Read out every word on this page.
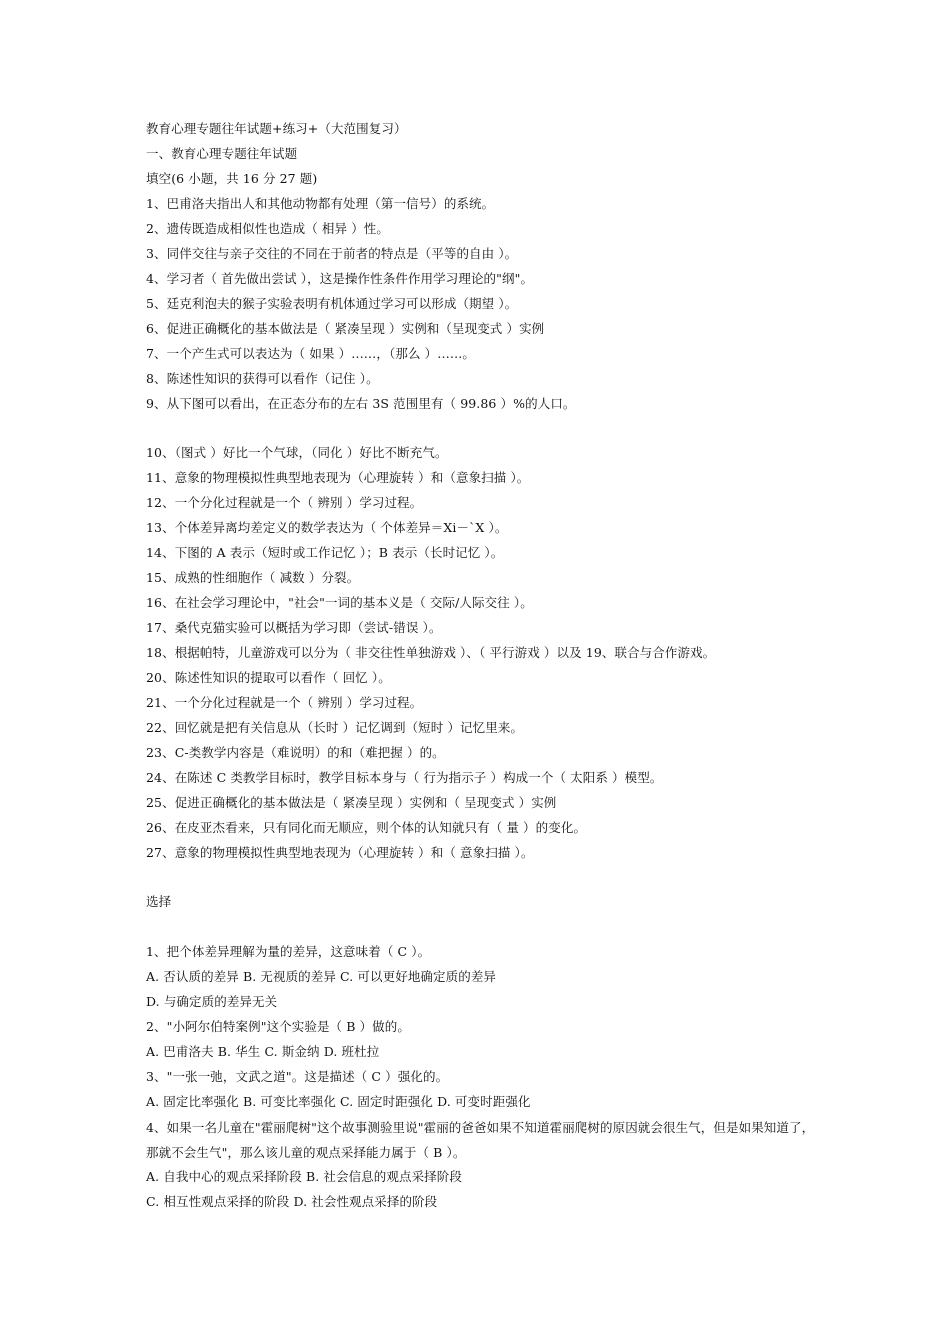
教育心理专题往年试题+练习+（大范围复习）
一、教育心理专题往年试题
填空(6 小题，共 16 分 27 题)
1、巴甫洛夫指出人和其他动物都有处理（第一信号）的系统。
2、遗传既造成相似性也造成（ 相异 ）性。
3、同伴交往与亲子交往的不同在于前者的特点是（平等的自由 ）。
4、学习者（ 首先做出尝试 ），这是操作性条件作用学习理论的"纲"。
5、廷克利泡夫的猴子实验表明有机体通过学习可以形成（期望 ）。
6、促进正确概化的基本做法是（ 紧凑呈现 ）实例和（呈现变式 ）实例
7、一个产生式可以表达为（ 如果 ）……，（那么 ）……。
8、陈述性知识的获得可以看作（记住 ）。
9、从下图可以看出，在正态分布的左右 3S 范围里有（ 99.86 ）%的人口。
10、（图式 ）好比一个气球，（同化 ）好比不断充气。
11、意象的物理模拟性典型地表现为（心理旋转 ）和（意象扫描 ）。
12、一个分化过程就是一个（ 辨别 ）学习过程。
13、个体差异离均差定义的数学表达为（ 个体差异＝Xi－`X ）。
14、下图的 A 表示（短时或工作记忆 ）；B 表示（长时记忆 ）。
15、成熟的性细胞作（ 减数 ）分裂。
16、在社会学习理论中，"社会"一词的基本义是（ 交际/人际交往 ）。
17、桑代克猫实验可以概括为学习即（尝试-错误 ）。
18、根据帕特，儿童游戏可以分为（ 非交往性单独游戏 ）、（ 平行游戏 ）以及 19、联合与合作游戏。
20、陈述性知识的提取可以看作（ 回忆 ）。
21、一个分化过程就是一个（ 辨别 ）学习过程。
22、回忆就是把有关信息从（长时 ）记忆调到（短时 ）记忆里来。
23、C-类教学内容是（难说明）的和（难把握 ）的。
24、在陈述 C 类教学目标时，教学目标本身与（ 行为指示子 ）构成一个（ 太阳系 ）模型。
25、促进正确概化的基本做法是（ 紧凑呈现 ）实例和（ 呈现变式 ）实例
26、在皮亚杰看来，只有同化而无顺应，则个体的认知就只有（ 量 ）的变化。
27、意象的物理模拟性典型地表现为（心理旋转 ）和（ 意象扫描 ）。
选择
1、把个体差异理解为量的差异，这意味着（ C ）。
A. 否认质的差异 B. 无视质的差异 C. 可以更好地确定质的差异
D. 与确定质的差异无关
2、"小阿尔伯特案例"这个实验是（ B ）做的。
A. 巴甫洛夫 B. 华生 C. 斯金纳 D. 班杜拉
3、"一张一弛，文武之道"。这是描述（ C ）强化的。
A. 固定比率强化 B. 可变比率强化 C. 固定时距强化 D. 可变时距强化
4、如果一名儿童在"霍丽爬树"这个故事测验里说"霍丽的爸爸如果不知道霍丽爬树的原因就会很生气，但是如果知道了，那就不会生气"，那么该儿童的观点采择能力属于（ B ）。
A. 自我中心的观点采择阶段 B. 社会信息的观点采择阶段
C. 相互性观点采择的阶段 D. 社会性观点采择的阶段
